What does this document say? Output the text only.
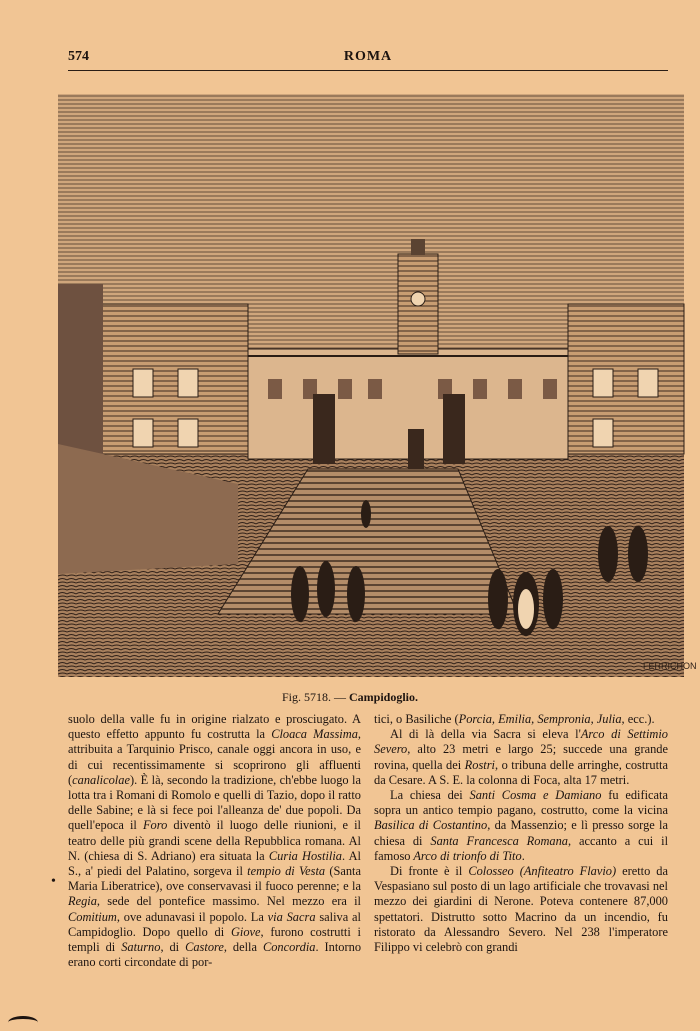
574	ROMA
FERRICHON
Fig. 5718. — Campidoglio.

suolo della valle fu in origine rialzato e prosciugato. A questo effetto appunto fu costrutta la Cloaca Massima, attribuita a Tarquinio Prisco, canale oggi ancora in uso, e di cui recentissimamente si scoprirono gli affluenti (canalicolae). È là, secondo la tradizione, ch'ebbe luogo la lotta tra i Romani di Romolo e quelli di Tazio, dopo il ratto delle Sabine; e là si fece poi l'alleanza de' due popoli. Da quell'epoca il Foro diventò il luogo delle riunioni, e il teatro delle più grandi scene della Repubblica romana. Al N. (chiesa di S. Adriano) era situata la Curia Hostilia. Al S., a' piedi del Palatino, sorgeva il tempio di Vesta (Santa Maria Liberatrice), ove conservavasi il fuoco perenne; e la Regia, sede del pontefice massimo. Nel mezzo era il Comitium, ove adunavasi il popolo. La via Sacra saliva al Campidoglio. Dopo quello di Giove, furono costrutti i templi di Saturno, di Castore, della Concordia. Intorno erano corti circondate di por-

•

tici, o Basiliche (Porcia, Emilia, Sempronia, Julia, ecc.).

Al di là della via Sacra si eleva l'Arco di Settimio Severo, alto 23 metri e largo 25; succede una grande rovina, quella dei Rostri, o tribuna delle arringhe, costrutta da Cesare. A S. E. la colonna di Foca, alta 17 metri.

La chiesa dei Santi Cosma e Damiano fu edificata sopra un antico tempio pagano, costrutto, come la vicina Basilica di Costantino, da Massenzio; e lì presso sorge la chiesa di Santa Francesca Romana, accanto a cui il famoso Arco di trionfo di Tito.

Di fronte è il Colosseo (Anfiteatro Flavio) eretto da Vespasiano sul posto di un lago artificiale che trovavasi nel mezzo dei giardini di Nerone. Poteva contenere 87,000 spettatori. Distrutto sotto Macrino da un incendio, fu ristorato da Alessandro Severo. Nel 238 l'imperatore Filippo vi celebrò con grandi
